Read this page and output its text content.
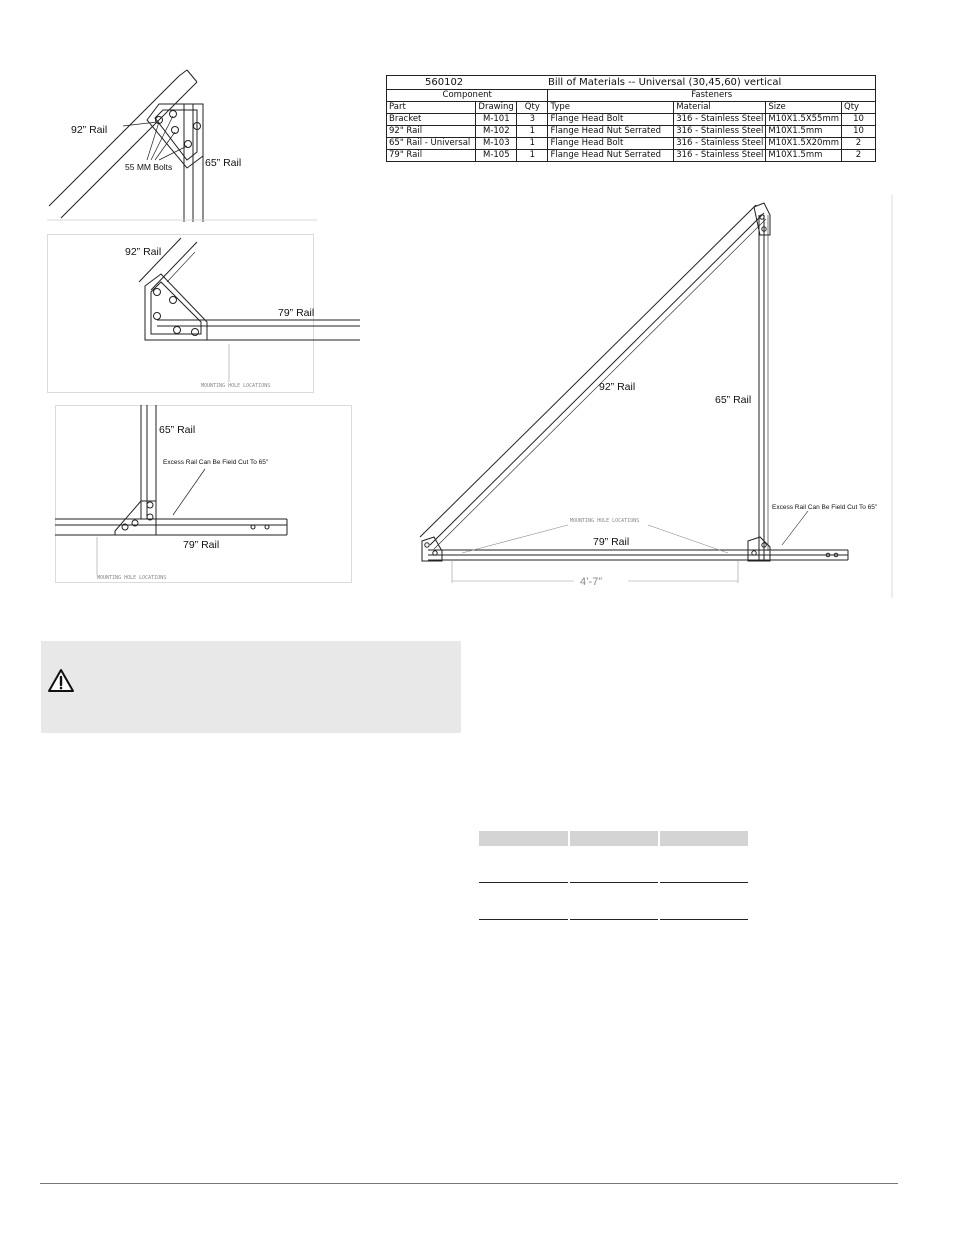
92” Rail
55 MM Bolts	65” Rail
92” Rail
79” Rail
MOUNTING HOLE LOCATIONS
65” Rail
Excess Rail Can Be Field Cut To 65”
79” Rail
MOUNTING HOLE LOCATIONS
560102			Bill of Materials -- Universal (30,45,60) vertical			
Component			Fasteners			
Part	Drawing	Qty	Type	Material	Size	Qty
Bracket	M-101	3	Flange Head Bolt	316 - Stainless Steel	M10X1.5X55mm	10
92" Rail	M-102	1	Flange Head Nut Serrated	316 - Stainless Steel	M10X1.5mm	10
65" Rail - Universal	M-103	1	Flange Head Bolt	316 - Stainless Steel	M10X1.5X20mm	2
79" Rail	M-105	1	Flange Head Nut Serrated	316 - Stainless Steel	M10X1.5mm	2
92” Rail
65” Rail
79” Rail
Excess Rail Can Be Field Cut To 65”
MOUNTING HOLE LOCATIONS
4’-7”
